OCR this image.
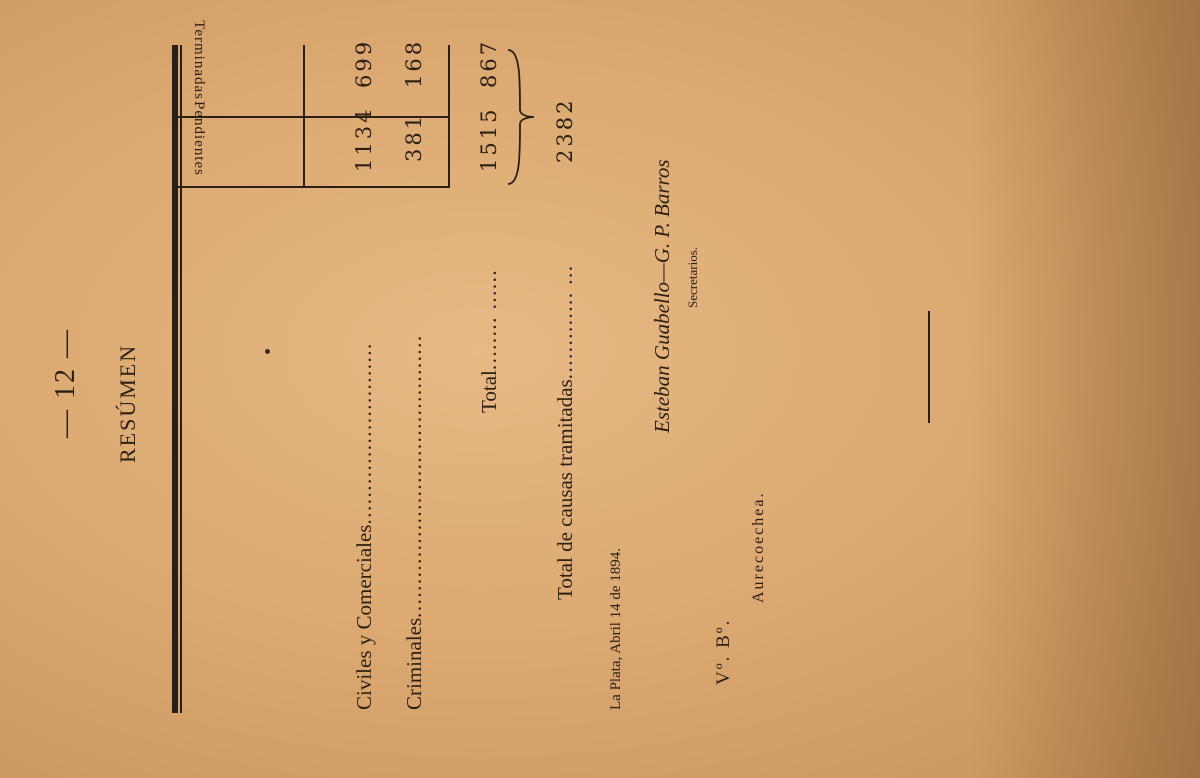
— 12 — RESÚMEN
Pendientes
Terminadas
Civiles y Comerciales...........................
1134
699
Criminales..........................................
381
168
Total........ ......
1515
867
Total de causas tramitadas............. ...
2382
La Plata, Abril 14 de 1894.
Esteban Guabello—G. P. Barros Secretarios.
Vº. Bº.
Aurecoechea.
